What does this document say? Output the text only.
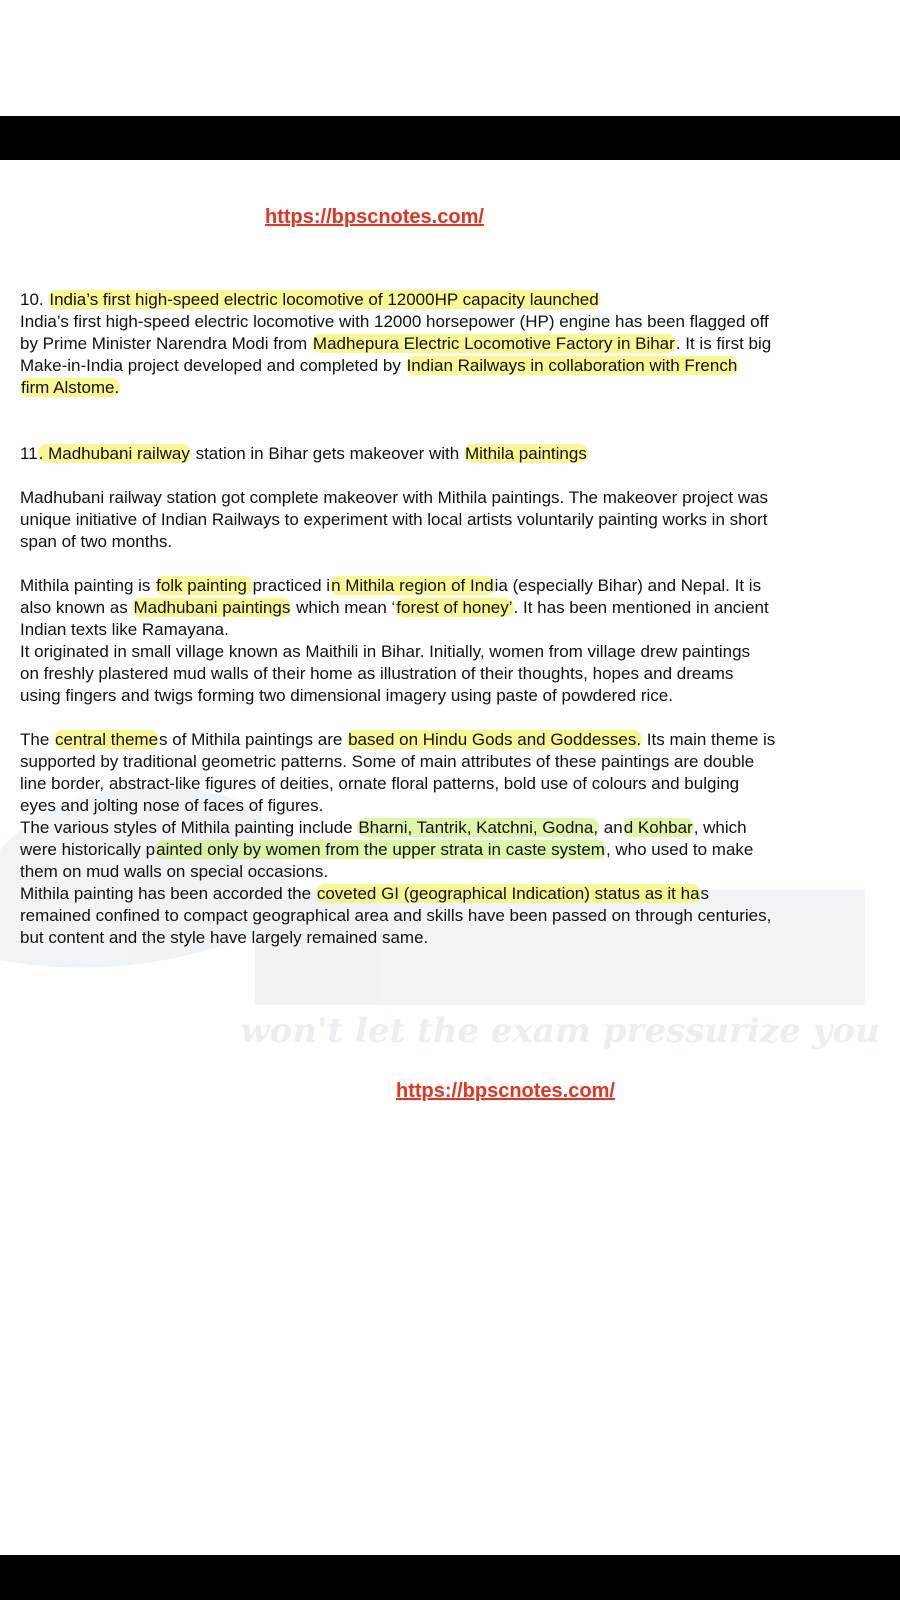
won't let the exam pressurize you
https://bpscnotes.com/
10. India’s first high-speed electric locomotive of 12000HP capacity launched
India’s first high-speed electric locomotive with 12000 horsepower (HP) engine has been flagged off
by Prime Minister Narendra Modi from Madhepura Electric Locomotive Factory in Bihar. It is first big
Make-in-India project developed and completed by Indian Railways in collaboration with French
firm Alstome.
11. Madhubani railway station in Bihar gets makeover with Mithila paintings
Madhubani railway station got complete makeover with Mithila paintings. The makeover project was
unique initiative of Indian Railways to experiment with local artists voluntarily painting works in short
span of two months.
Mithila painting is folk painting practiced in Mithila region of India (especially Bihar) and Nepal. It is
also known as Madhubani paintings which mean ‘forest of honey’. It has been mentioned in ancient
Indian texts like Ramayana.
It originated in small village known as Maithili in Bihar. Initially, women from village drew paintings
on freshly plastered mud walls of their home as illustration of their thoughts, hopes and dreams
using fingers and twigs forming two dimensional imagery using paste of powdered rice.
The central themes of Mithila paintings are based on Hindu Gods and Goddesses. Its main theme is
supported by traditional geometric patterns. Some of main attributes of these paintings are double
line border, abstract-like figures of deities, ornate floral patterns, bold use of colours and bulging
eyes and jolting nose of faces of figures.
The various styles of Mithila painting include Bharni, Tantrik, Katchni, Godna, and Kohbar, which
were historically painted only by women from the upper strata in caste system, who used to make
them on mud walls on special occasions.
Mithila painting has been accorded the coveted GI (geographical Indication) status as it has
remained confined to compact geographical area and skills have been passed on through centuries,
but content and the style have largely remained same.
https://bpscnotes.com/
